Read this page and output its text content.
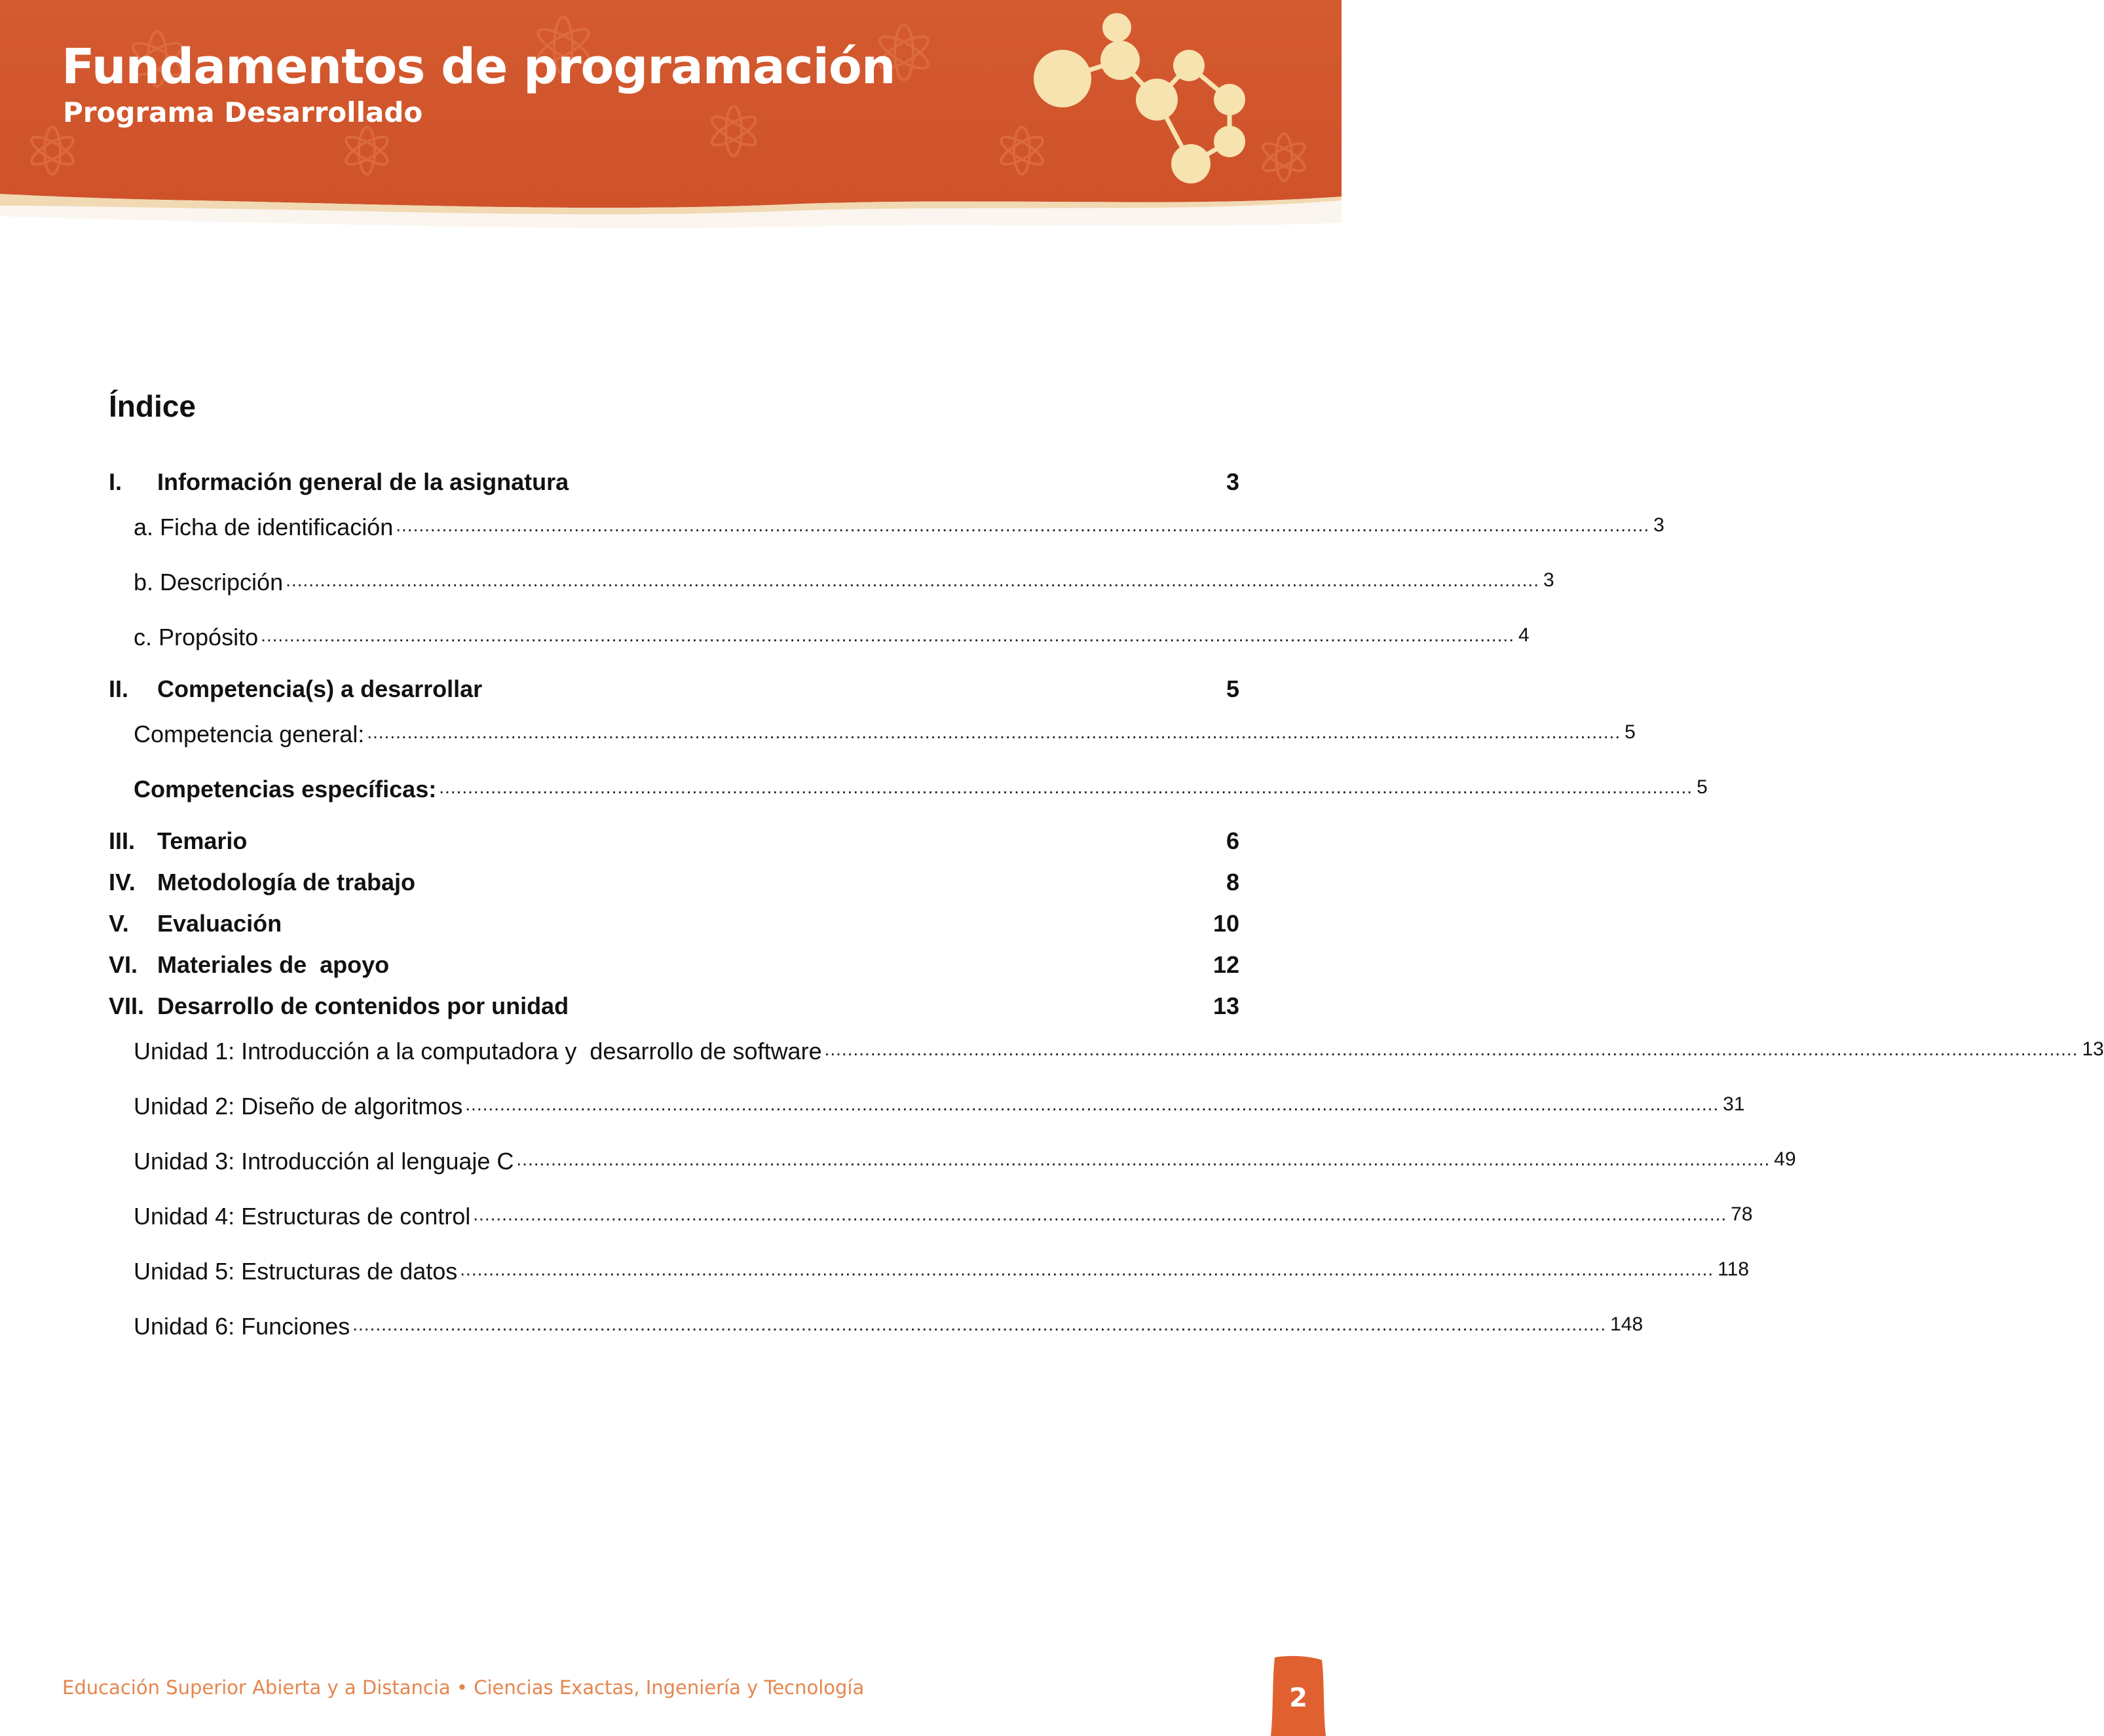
Fundamentos de programación
Programa Desarrollado
Índice
I.	Información general de la asignatura	3
a. Ficha de identificación .......................................................................................................................................................................................................................... 3
b. Descripción .......................................................................................................................................................................................................................... 3
c. Propósito .......................................................................................................................................................................................................................... 4
II.	Competencia(s) a desarrollar	5
Competencia general: .......................................................................................................................................................................................................................... 5
Competencias específicas: .......................................................................................................................................................................................................................... 5
III. Temario	6
IV. Metodología de trabajo	8
V.	Evaluación	10
VI. Materiales de  apoyo	12
VII. Desarrollo de contenidos por unidad	13
Unidad 1: Introducción a la computadora y  desarrollo de software .......................................................................................................................................................................................................................... 13
Unidad 2: Diseño de algoritmos .......................................................................................................................................................................................................................... 31
Unidad 3: Introducción al lenguaje C .......................................................................................................................................................................................................................... 49
Unidad 4: Estructuras de control .......................................................................................................................................................................................................................... 78
Unidad 5: Estructuras de datos .......................................................................................................................................................................................................................... 118
Unidad 6: Funciones .......................................................................................................................................................................................................................... 148
Educación Superior Abierta y a Distancia • Ciencias Exactas, Ingeniería y Tecnología	2
